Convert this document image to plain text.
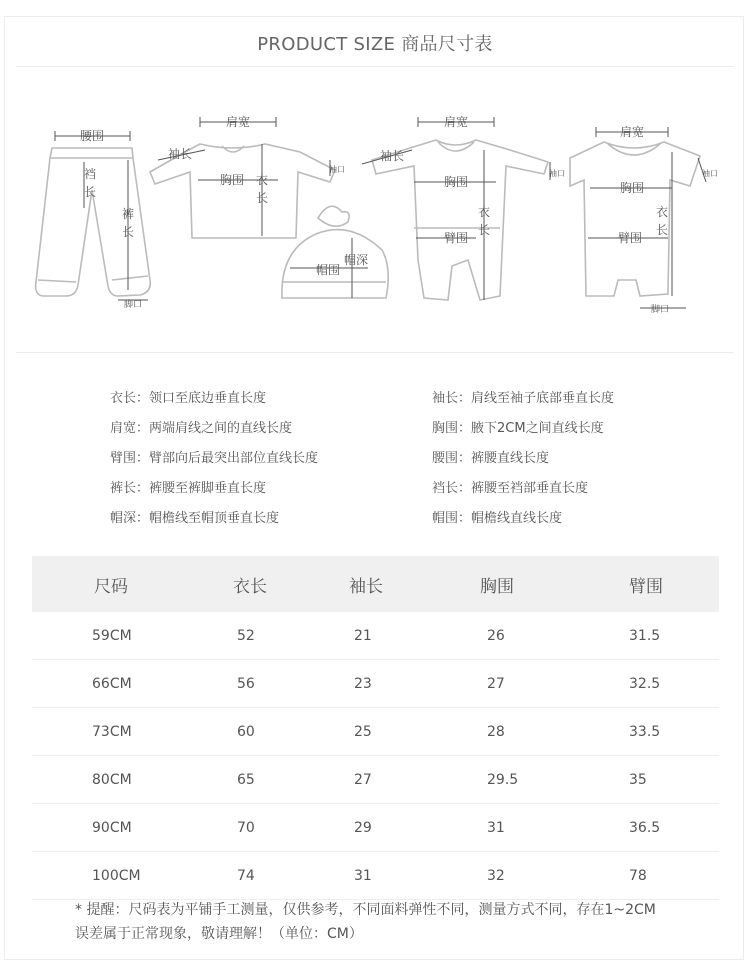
PRODUCT SIZE 商品尺寸表
腰围
裆
长
裤
长
脚口
肩宽
袖长
胸围 衣
长
袖口
帽围
帽深
肩宽
袖长
胸围
衣
长
臂围
袖口
肩宽
胸围
衣
长
臂围
袖口
脚口
衣长：领口至底边垂直长度	袖长：肩线至袖子底部垂直长度
肩宽：两端肩线之间的直线长度	胸围：腋下2CM之间直线长度
臂围：臂部向后最突出部位直线长度	腰围：裤腰直线长度
裤长：裤腰至裤脚垂直长度	裆长：裤腰至裆部垂直长度
帽深：帽檐线至帽顶垂直长度	帽围：帽檐线直线长度
尺码	衣长	袖长	胸围	臂围
59CM	52	21	26	31.5
66CM	56	23	27	32.5
73CM	60	25	28	33.5
80CM	65	27	29.5	35
90CM	70	29	31	36.5
100CM	74	31	32	78
* 提醒：尺码表为平铺手工测量，仅供参考，不同面料弹性不同，测量方式不同，存在1~2CM
误差属于正常现象，敬请理解！（单位：CM）
